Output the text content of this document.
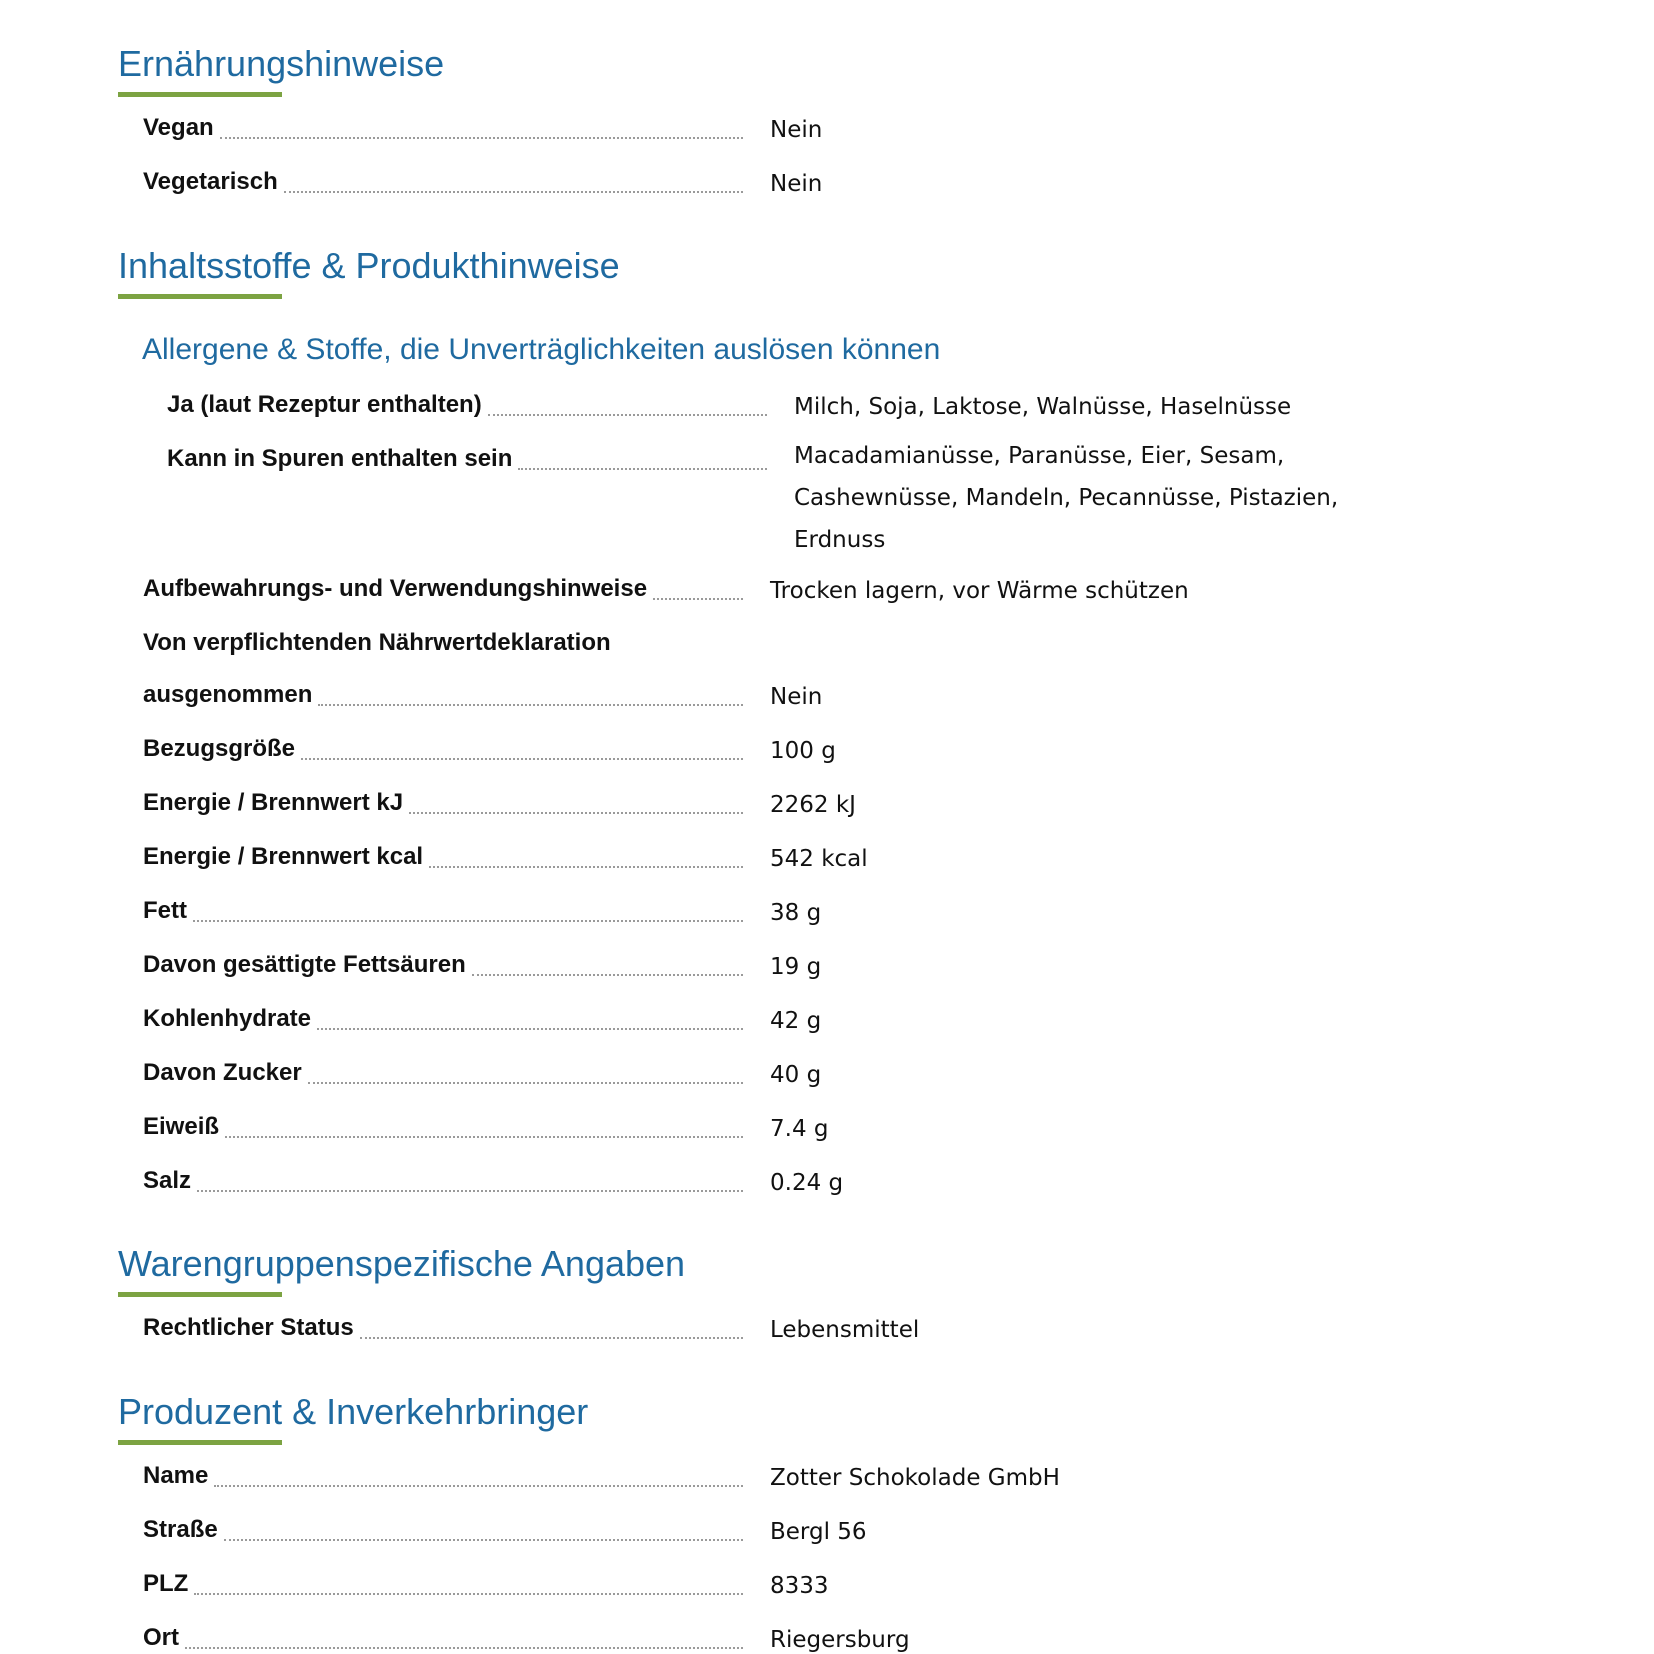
Ernährungshinweise
Vegan	Nein
Vegetarisch	Nein
Inhaltsstoffe & Produkthinweise
Allergene & Stoffe, die Unverträglichkeiten auslösen können
Ja (laut Rezeptur enthalten)	Milch, Soja, Laktose, Walnüsse, Haselnüsse
Kann in Spuren enthalten sein	Macadamianüsse, Paranüsse, Eier, Sesam, Cashewnüsse, Mandeln, Pecannüsse, Pistazien, Erdnuss
Aufbewahrungs- und Verwendungshinweise	Trocken lagern, vor Wärme schützen
Von verpflichtenden Nährwertdeklaration
ausgenommen	Nein
Bezugsgröße	100 g
Energie / Brennwert kJ	2262 kJ
Energie / Brennwert kcal	542 kcal
Fett	38 g
Davon gesättigte Fettsäuren	19 g
Kohlenhydrate	42 g
Davon Zucker	40 g
Eiweiß	7.4 g
Salz	0.24 g
Warengruppenspezifische Angaben
Rechtlicher Status	Lebensmittel
Produzent & Inverkehrbringer
Name	Zotter Schokolade GmbH
Straße	Bergl 56
PLZ	8333
Ort	Riegersburg
